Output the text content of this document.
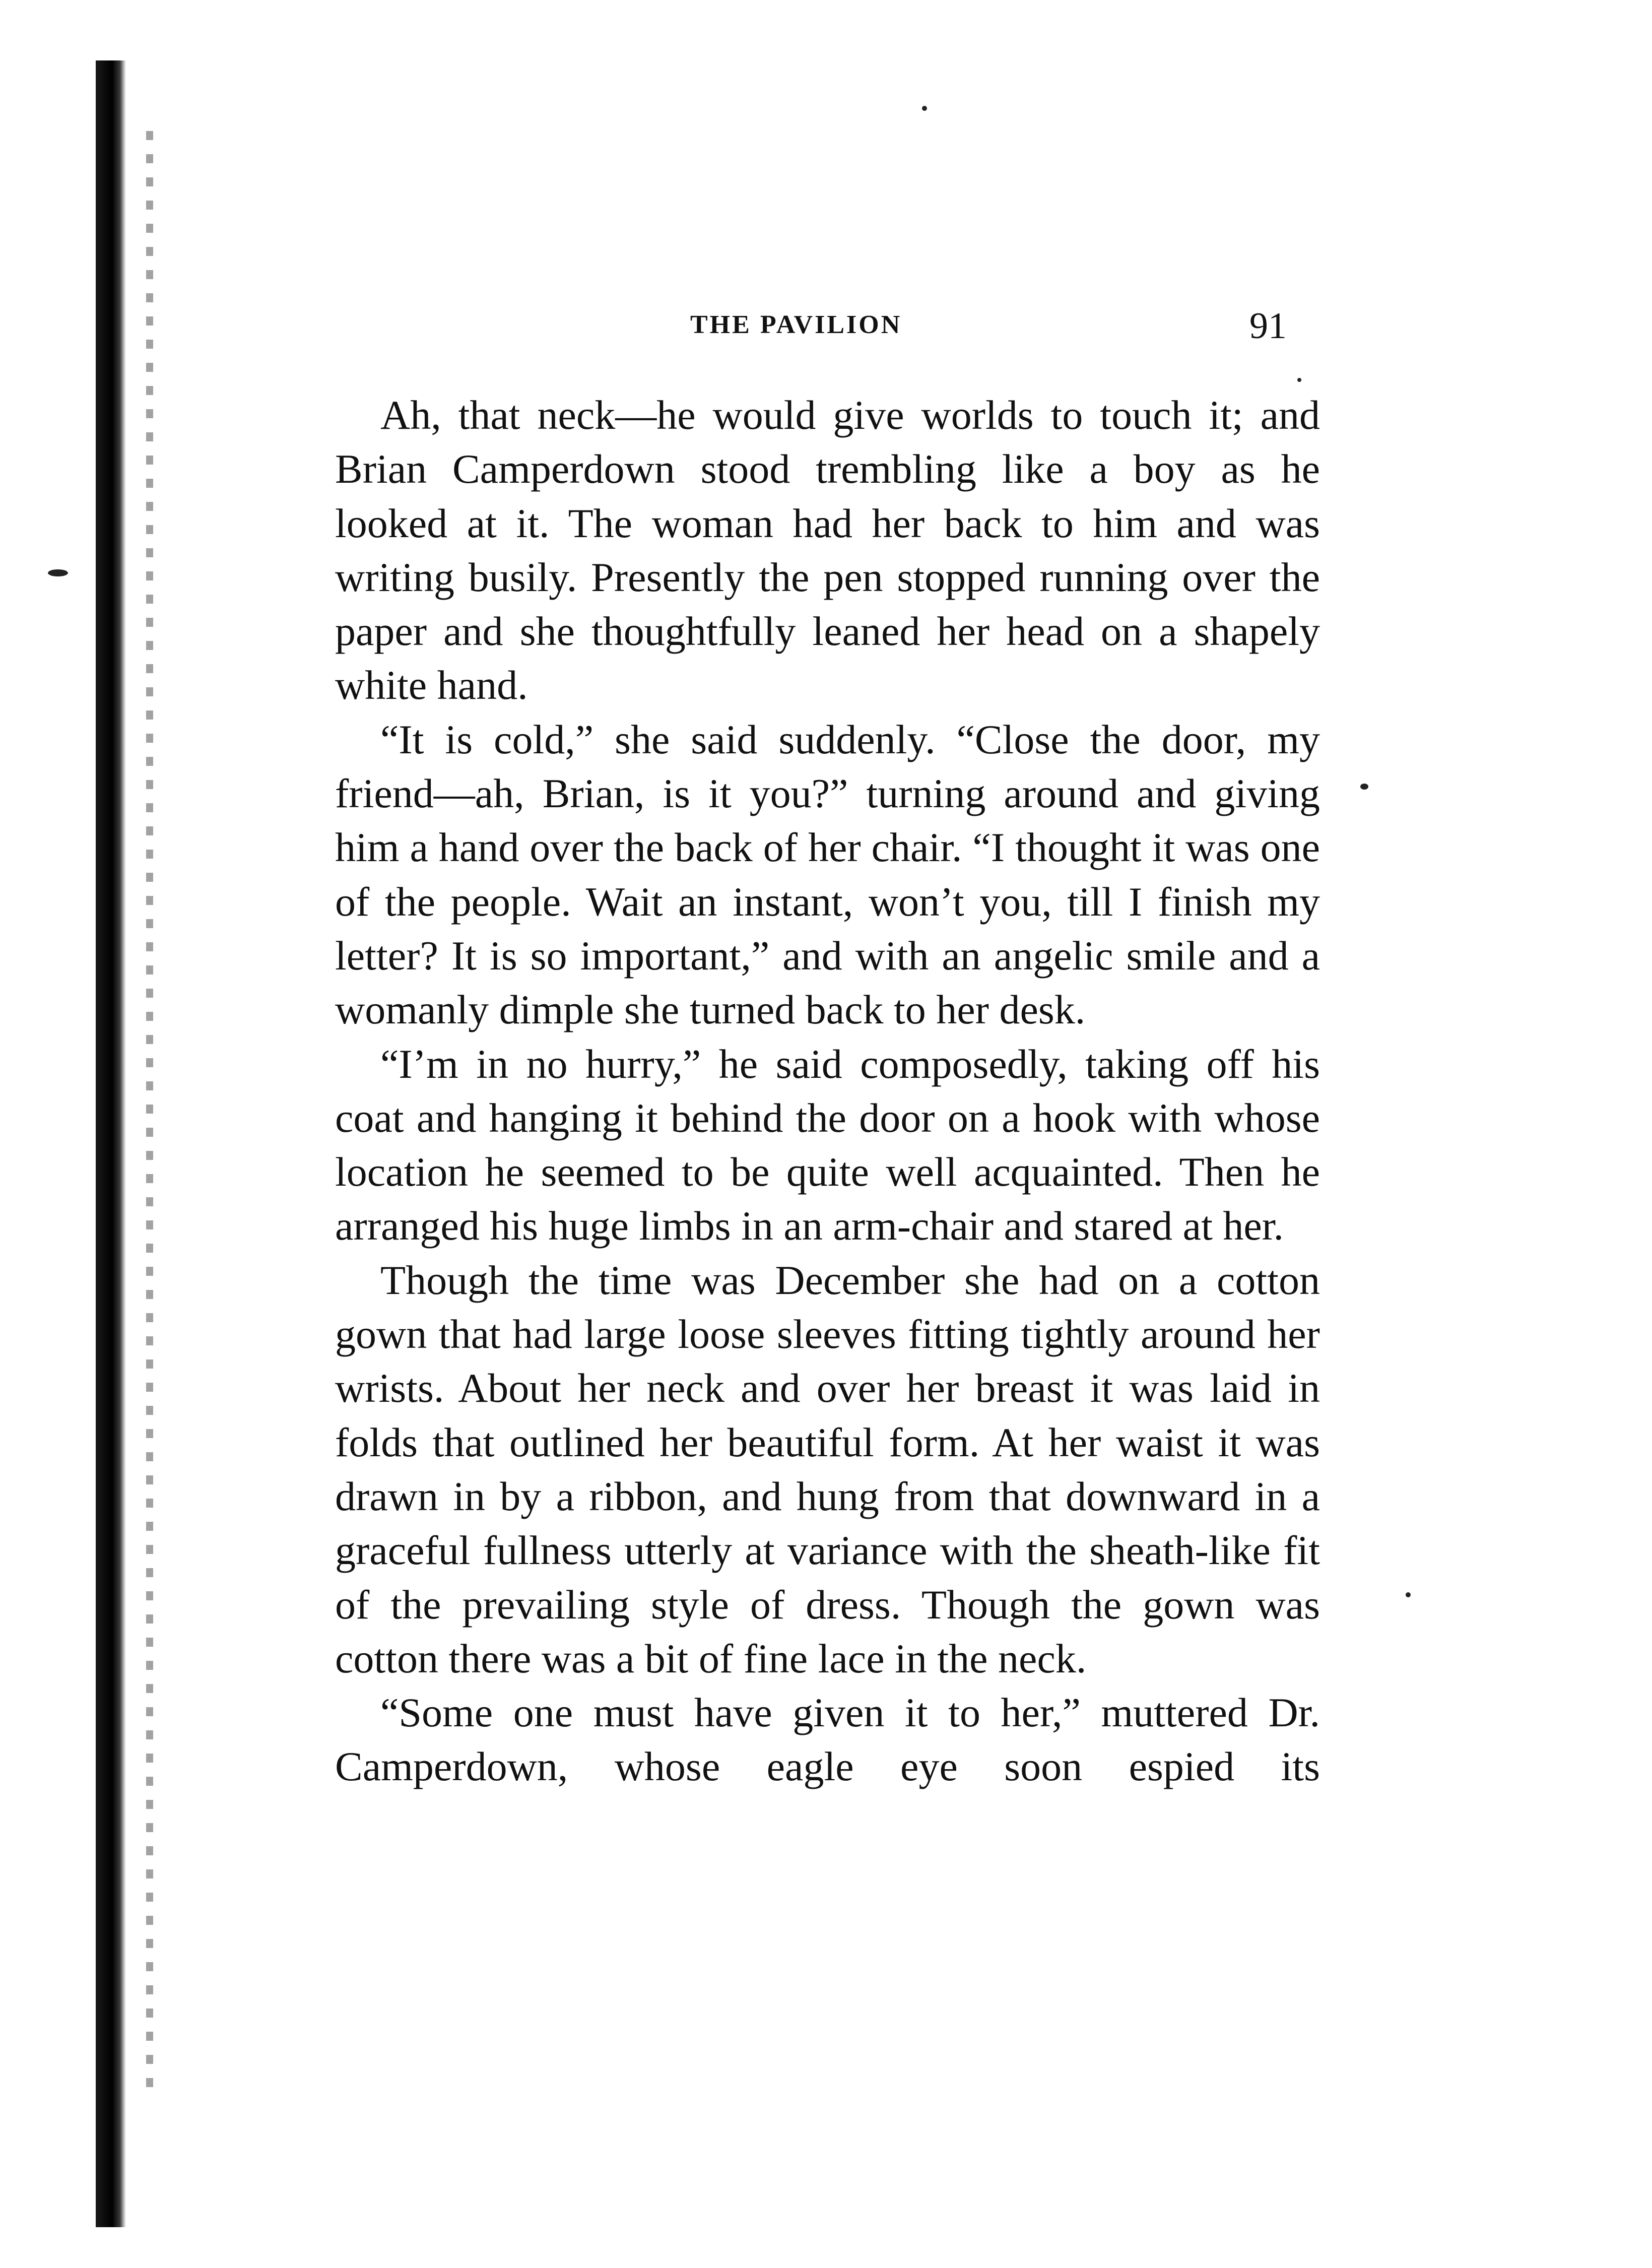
THE PAVILION	91

Ah, that neck—he would give worlds to touch it; and Brian Camperdown stood trembling like a boy as he looked at it. The woman had her back to him and was writing busily. Presently the pen stopped running over the paper and she thoughtfully leaned her head on a shapely white hand.

“It is cold,” she said suddenly. “Close the door, my friend—ah, Brian, is it you?” turning around and giving him a hand over the back of her chair. “I thought it was one of the people. Wait an instant, won’t you, till I finish my letter? It is so important,” and with an angelic smile and a womanly dimple she turned back to her desk.

“I’m in no hurry,” he said composedly, taking off his coat and hanging it behind the door on a hook with whose location he seemed to be quite well acquainted. Then he arranged his huge limbs in an arm-chair and stared at her.

Though the time was December she had on a cotton gown that had large loose sleeves fitting tightly around her wrists. About her neck and over her breast it was laid in folds that outlined her beautiful form. At her waist it was drawn in by a ribbon, and hung from that downward in a graceful fullness utterly at variance with the sheath-like fit of the prevailing style of dress. Though the gown was cotton there was a bit of fine lace in the neck.

“Some one must have given it to her,” muttered Dr. Camperdown, whose eagle eye soon espied its
